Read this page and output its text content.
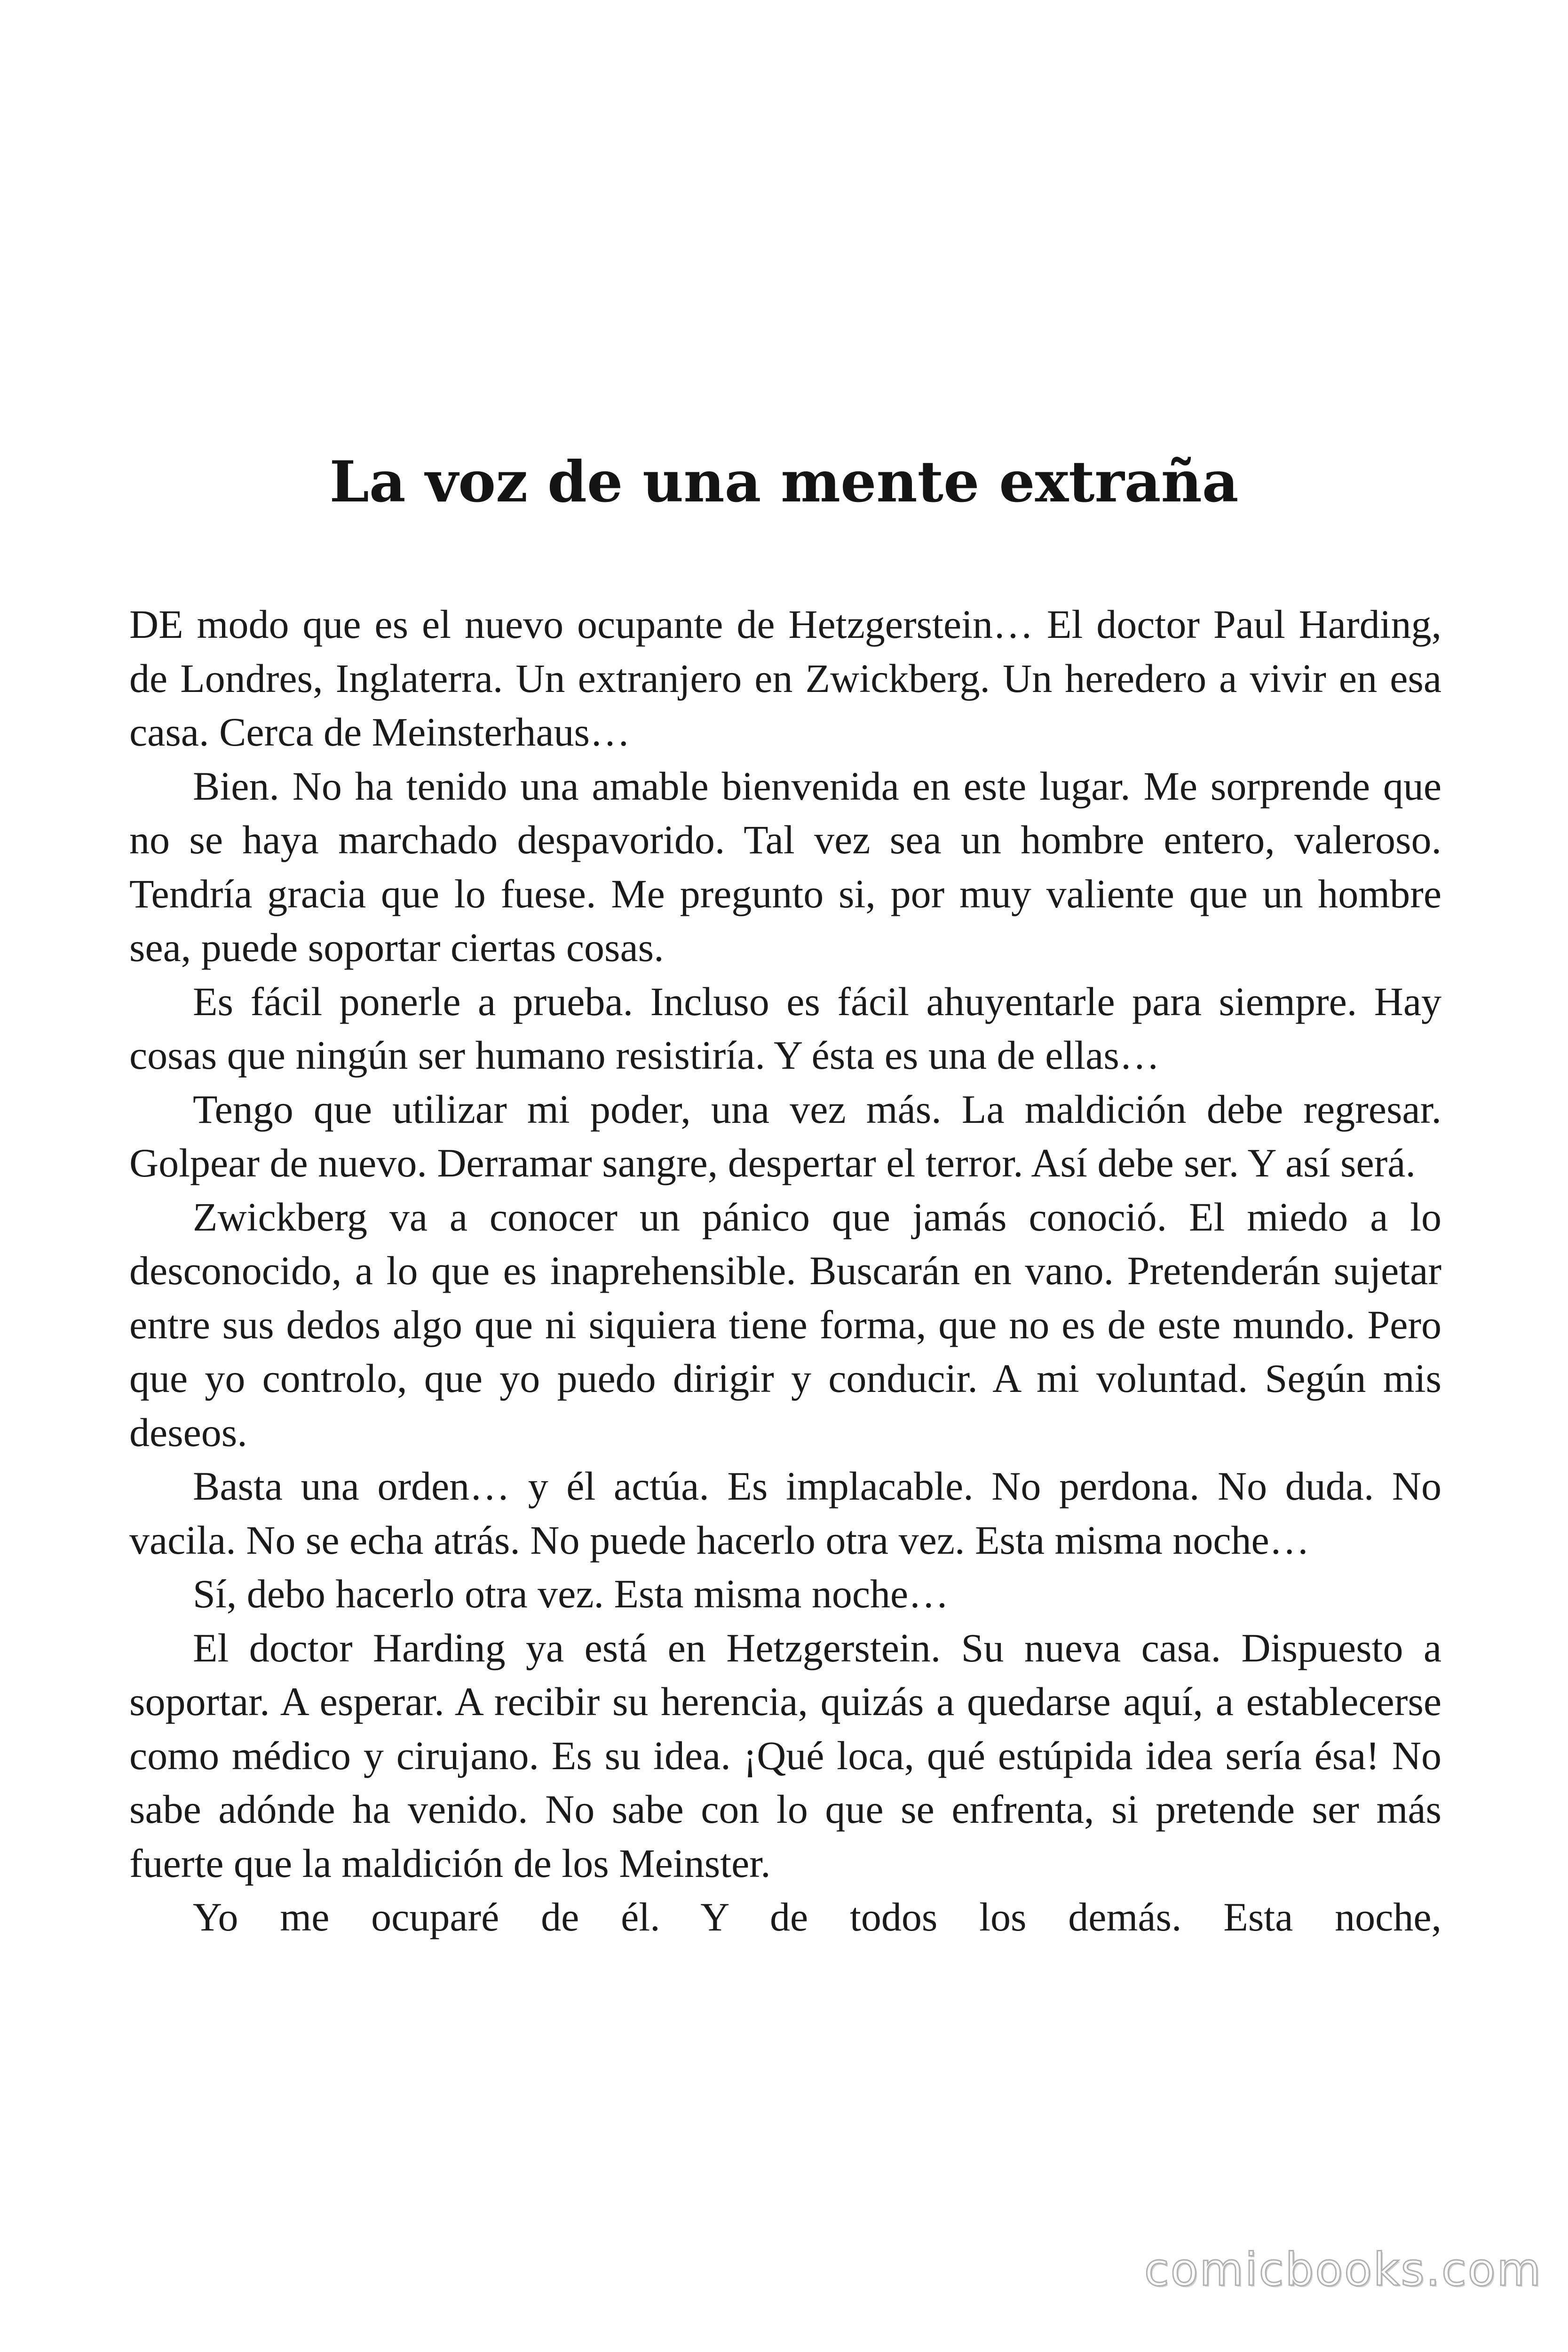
La voz de una mente extraña

DE modo que es el nuevo ocupante de Hetzgerstein… El doctor Paul Harding, de Londres, Inglaterra. Un extranjero en Zwickberg. Un heredero a vivir en esa casa. Cerca de Meinsterhaus…

Bien. No ha tenido una amable bienvenida en este lugar. Me sorprende que no se haya marchado despavorido. Tal vez sea un hombre entero, valeroso. Tendría gracia que lo fuese. Me pregunto si, por muy valiente que un hombre sea, puede soportar ciertas cosas.

Es fácil ponerle a prueba. Incluso es fácil ahuyentarle para siempre. Hay cosas que ningún ser humano resistiría. Y ésta es una de ellas…

Tengo que utilizar mi poder, una vez más. La maldición debe regresar. Golpear de nuevo. Derramar sangre, despertar el terror. Así debe ser. Y así será.

Zwickberg va a conocer un pánico que jamás conoció. El miedo a lo desconocido, a lo que es inaprehensible. Buscarán en vano. Pretenderán sujetar entre sus dedos algo que ni siquiera tiene forma, que no es de este mundo. Pero que yo controlo, que yo puedo dirigir y conducir. A mi voluntad. Según mis deseos.

Basta una orden… y él actúa. Es implacable. No perdona. No duda. No vacila. No se echa atrás. No puede hacerlo otra vez. Esta misma noche…

Sí, debo hacerlo otra vez. Esta misma noche…

El doctor Harding ya está en Hetzgerstein. Su nueva casa. Dispuesto a soportar. A esperar. A recibir su herencia, quizás a quedarse aquí, a establecerse como médico y cirujano. Es su idea. ¡Qué loca, qué estúpida idea sería ésa! No sabe adónde ha venido. No sabe con lo que se enfrenta, si pretende ser más fuerte que la maldición de los Meinster.

Yo me ocuparé de él. Y de todos los demás. Esta noche,

comicbooks.com
